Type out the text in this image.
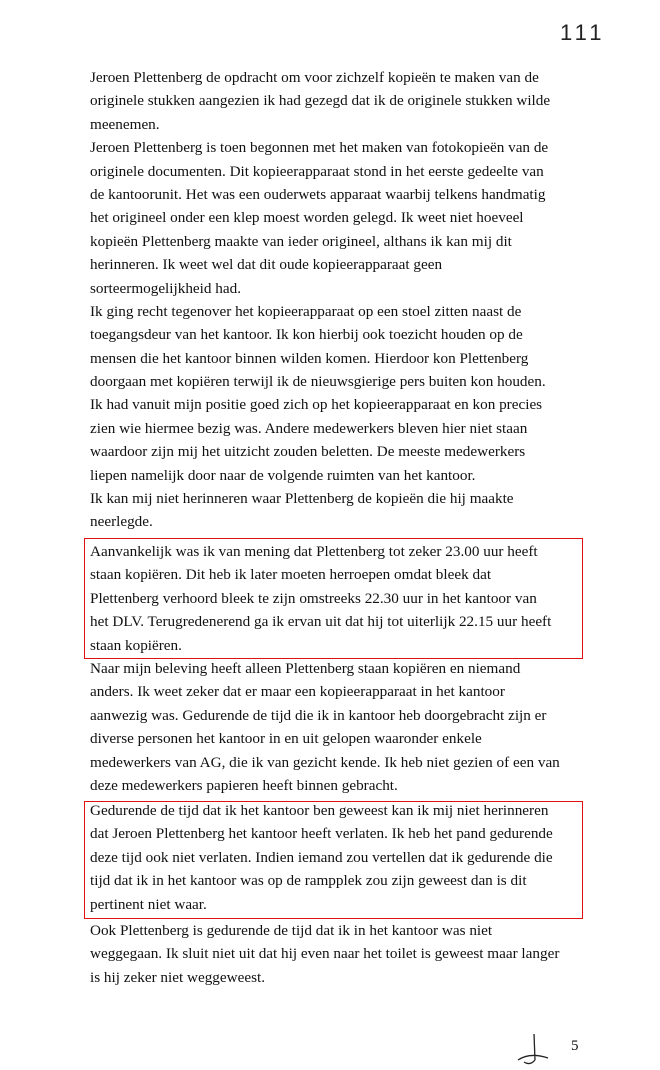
111
Jeroen Plettenberg de opdracht om voor zichzelf kopieën te maken van de
originele stukken aangezien ik had gezegd dat ik de originele stukken wilde
meenemen.
Jeroen Plettenberg is toen begonnen met het maken van fotokopieën van de
originele documenten. Dit kopieerapparaat stond in het eerste gedeelte van
de kantoorunit. Het was een ouderwets apparaat waarbij telkens handmatig
het origineel onder een klep moest worden gelegd. Ik weet niet hoeveel
kopieën Plettenberg maakte van ieder origineel, althans ik kan mij dit
herinneren. Ik weet wel dat dit oude kopieerapparaat geen
sorteermogelijkheid had.
Ik ging recht tegenover het kopieerapparaat op een stoel zitten naast de
toegangsdeur van het kantoor. Ik kon hierbij ook toezicht houden op de
mensen die het kantoor binnen wilden komen. Hierdoor kon Plettenberg
doorgaan met kopiëren terwijl ik de nieuwsgierige pers buiten kon houden.
Ik had vanuit mijn positie goed zich op het kopieerapparaat en kon precies
zien wie hiermee bezig was. Andere medewerkers bleven hier niet staan
waardoor zijn mij het uitzicht zouden beletten. De meeste medewerkers
liepen namelijk door naar de volgende ruimten van het kantoor.
Ik kan mij niet herinneren waar Plettenberg de kopieën die hij maakte
neerlegde.
Aanvankelijk was ik van mening dat Plettenberg tot zeker 23.00 uur heeft
staan kopiëren. Dit heb ik later moeten herroepen omdat bleek dat
Plettenberg verhoord bleek te zijn omstreeks 22.30 uur in het kantoor van
het DLV. Terugredenerend ga ik ervan uit dat hij tot uiterlijk 22.15 uur heeft
staan kopiëren.
Naar mijn beleving heeft alleen Plettenberg staan kopiëren en niemand
anders. Ik weet zeker dat er maar een kopieerapparaat in het kantoor
aanwezig was. Gedurende de tijd die ik in kantoor heb doorgebracht zijn er
diverse personen het kantoor in en uit gelopen waaronder enkele
medewerkers van AG, die ik van gezicht kende. Ik heb niet gezien of een van
deze medewerkers papieren heeft binnen gebracht.
Gedurende de tijd dat ik het kantoor ben geweest kan ik mij niet herinneren
dat Jeroen Plettenberg het kantoor heeft verlaten. Ik heb het pand gedurende
deze tijd ook niet verlaten. Indien iemand zou vertellen dat ik gedurende die
tijd dat ik in het kantoor was op de rampplek zou zijn geweest dan is dit
pertinent niet waar.
Ook Plettenberg is gedurende de tijd dat ik in het kantoor was niet
weggegaan. Ik sluit niet uit dat hij even naar het toilet is geweest maar langer
is hij zeker niet weggeweest.
5
